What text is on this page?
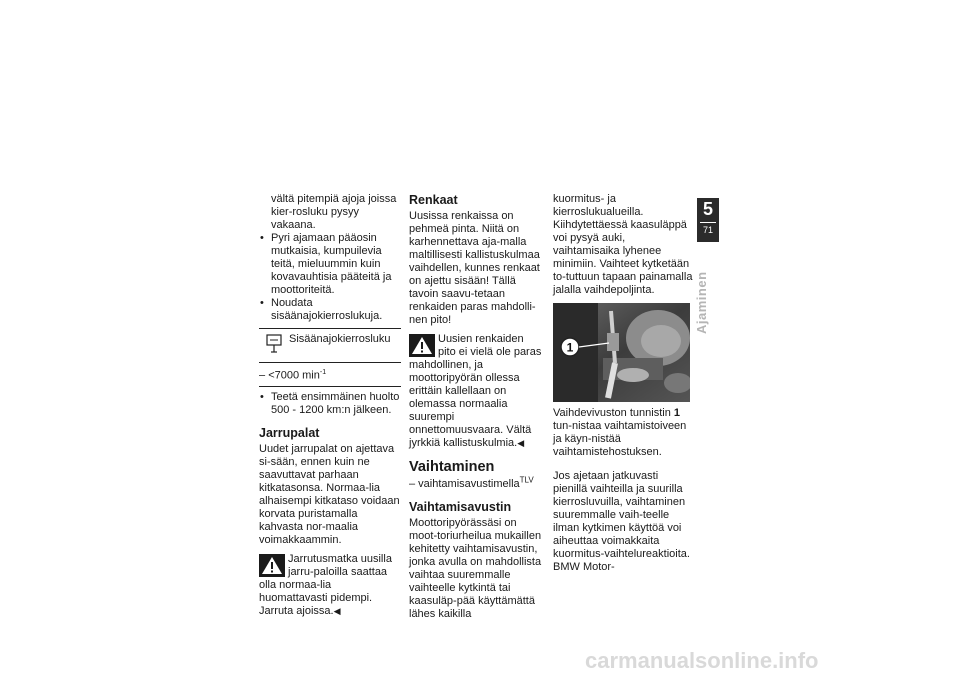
vältä pitempiä ajoja joissa kier-rosluku pysyy vakaana.

• Pyri ajamaan pääosin mutkaisia, kumpuilevia teitä, mieluummin kuin kovavauhtisia pääteitä ja moottoriteitä.

• Noudata sisäänajokierroslukuja.

Sisäänajokierrosluku
– <7000 $\min^{-1}$

• Teetä ensimmäinen huolto 500 - 1200 km:n jälkeen.

Jarrupalat

Uudet jarrupalat on ajettava si-sään, ennen kuin ne saavuttavat parhaan kitkatasonsa. Normaa-lia alhaisempi kitkataso voidaan korvata puristamalla kahvasta nor-maalia voimakkaammin.

Jarrutusmatka uusilla jarru-paloilla saattaa olla normaa-lia huomattavasti pidempi. Jarruta ajoissa.◀
Renkaat

Uusissa renkaissa on pehmeä pinta. Niitä on karhennettava aja-malla maltillisesti kallistuskulmaa vaihdellen, kunnes renkaat on ajettu sisään! Tällä tavoin saavu-tetaan renkaiden paras mahdolli-nen pito!

Uusien renkaiden pito ei vielä ole paras mahdollinen, ja moottoripyörän ollessa erittäin kallellaan on olemassa normaalia suurempi onnettomuusvaara. Vältä jyrkkiä kallistuskulmia.◀
Vaihtaminen

– vaihtamisavustimella$^{TLV}$

Vaihtamisavustin

Moottoripyörässäsi on moot-toriurheilua mukaillen kehitetty vaihtamisavustin, jonka avulla on mahdollista vaihtaa suuremmalle vaihteelle kytkintä tai kaasuläp-pää käyttämättä lähes kaikilla

kuormitus- ja kierroslukualueilla. Kiihdytettäessä kaasuläppä voi pysyä auki, vaihtamisaika lyhenee minimiin. Vaihteet kytketään to-tuttuun tapaan painamalla jalalla vaihdepoljinta.

1

Vaihdevivuston tunnistin 1 tun-nistaa vaihtamistoiveen ja käyn-nistää vaihtamistehostuksen.

Jos ajetaan jatkuvasti pienillä vaihteilla ja suurilla kierrosluvuilla, vaihtaminen suuremmalle vaih-teelle ilman kytkimen käyttöä voi aiheuttaa voimakkaita kuormitus-vaihtelureaktioita. BMW Motor-

5
71
Ajaminen
carmanualsonline.info
